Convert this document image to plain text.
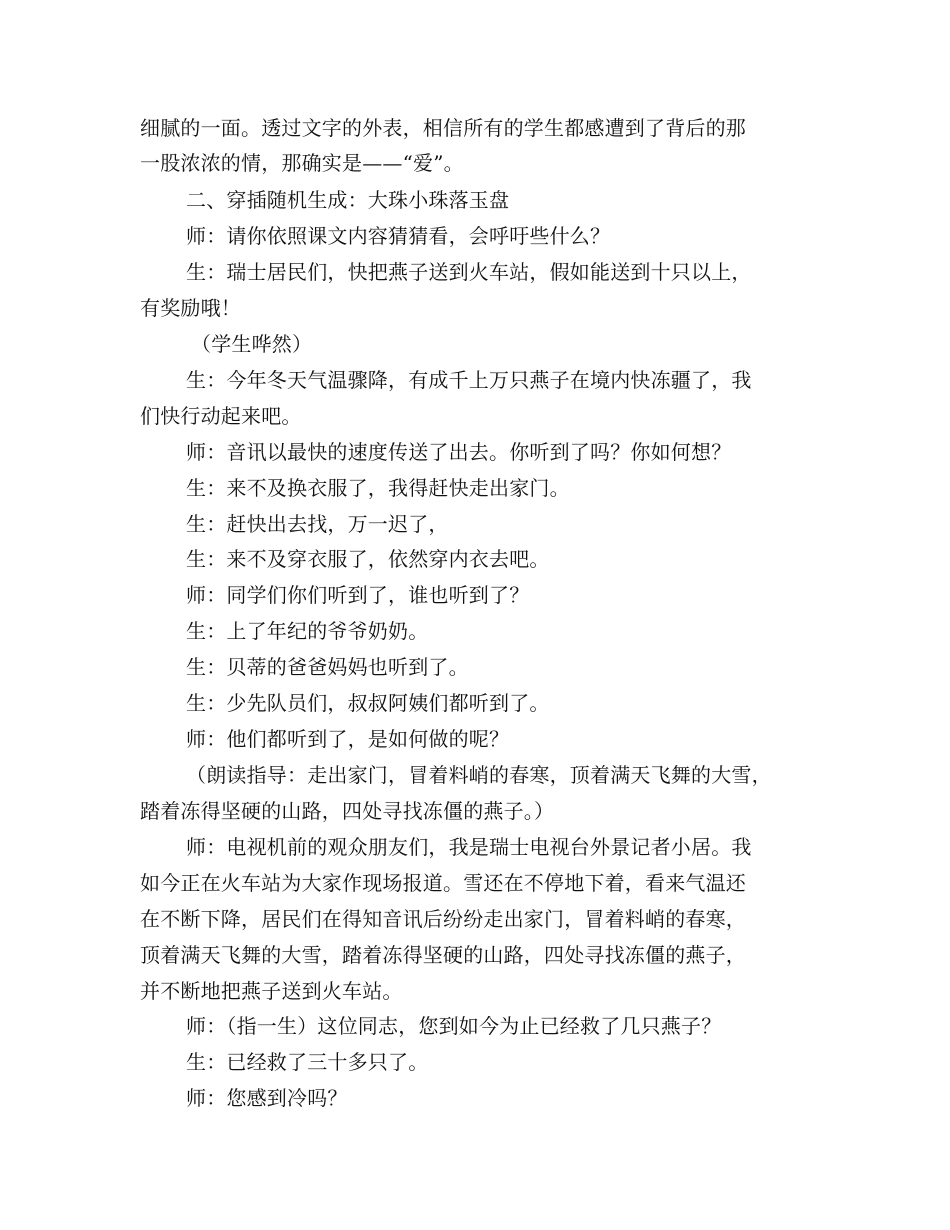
细腻的一面。透过文字的外表，相信所有的学生都感遭到了背后的那

一股浓浓的情，那确实是——“爱”。

二、穿插随机生成：大珠小珠落玉盘

师：请你依照课文内容猜猜看，会呼吁些什么？

生：瑞士居民们，快把燕子送到火车站，假如能送到十只以上，

有奖励哦！

（学生哗然）

生：今年冬天气温骤降，有成千上万只燕子在境内快冻疆了，我

们快行动起来吧。

师：音讯以最快的速度传送了出去。你听到了吗？你如何想？

生：来不及换衣服了，我得赶快走出家门。

生：赶快出去找，万一迟了，

生：来不及穿衣服了，依然穿内衣去吧。

师：同学们你们听到了，谁也听到了？

生：上了年纪的爷爷奶奶。

生：贝蒂的爸爸妈妈也听到了。

生：少先队员们，叔叔阿姨们都听到了。

师：他们都听到了，是如何做的呢？

（朗读指导：走出家门，冒着料峭的春寒，顶着满天飞舞的大雪，

踏着冻得坚硬的山路，四处寻找冻僵的燕子。）

师：电视机前的观众朋友们，我是瑞士电视台外景记者小居。我

如今正在火车站为大家作现场报道。雪还在不停地下着，看来气温还

在不断下降，居民们在得知音讯后纷纷走出家门，冒着料峭的春寒，

顶着满天飞舞的大雪，踏着冻得坚硬的山路，四处寻找冻僵的燕子，

并不断地把燕子送到火车站。

师：（指一生）这位同志，您到如今为止已经救了几只燕子？

生：已经救了三十多只了。

师：您感到冷吗？
